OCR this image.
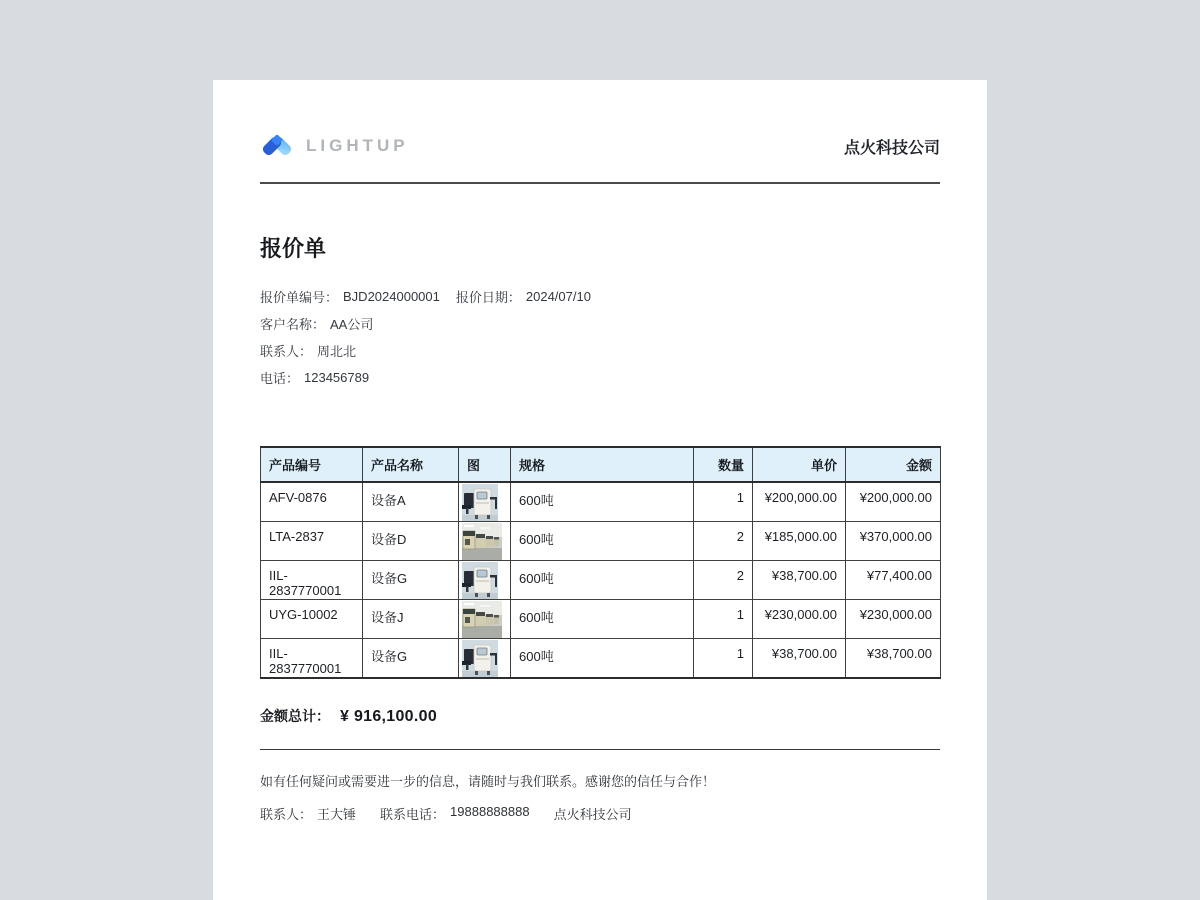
LIGHTUP	点火科技公司
报价单
报价单编号： BJD2024000001 报价日期： 2024/07/10
客户名称： AA公司
联系人： 周北北
电话： 123456789
产品编号	产品名称	图	规格	数量	单价	金额
AFV-0876	设备A		600吨	1	¥200,000.00	¥200,000.00
LTA-2837	设备D		600吨	2	¥185,000.00	¥370,000.00
IIL-2837770001	设备G		600吨	2	¥38,700.00	¥77,400.00
UYG-10002	设备J		600吨	1	¥230,000.00	¥230,000.00
IIL-2837770001	设备G		600吨	1	¥38,700.00	¥38,700.00
金额总计： ¥ 916,100.00
如有任何疑问或需要进一步的信息，请随时与我们联系。感谢您的信任与合作！
联系人： 王大锤 联系电话： 19888888888 点火科技公司
